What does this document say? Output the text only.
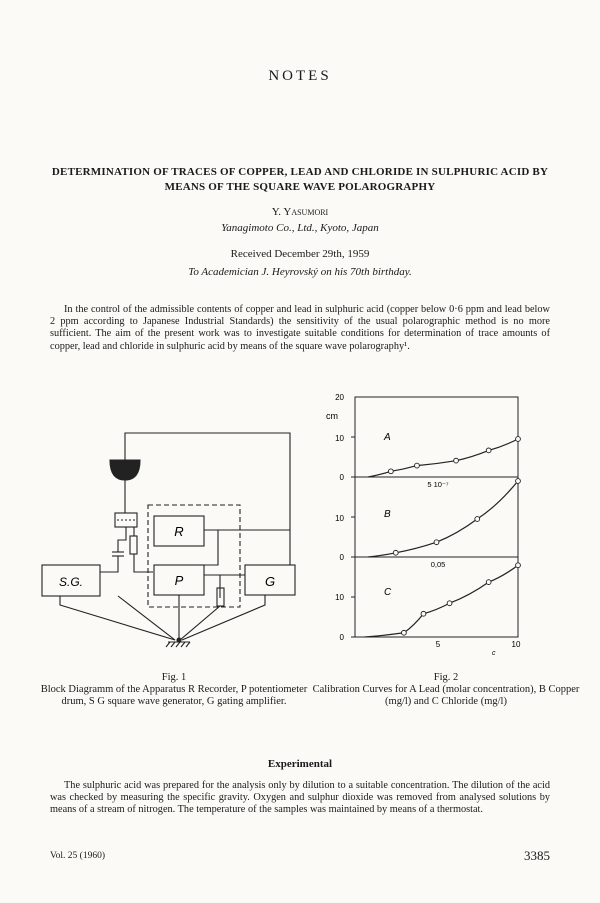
NOTES
DETERMINATION OF TRACES OF COPPER, LEAD AND CHLORIDE IN SULPHURIC ACID BY MEANS OF THE SQUARE WAVE POLAROGRAPHY
Y. Yasumori
Yanagimoto Co., Ltd., Kyoto, Japan
Received December 29th, 1959
To Academician J. Heyrovský on his 70th birthday.

In the control of the admissible contents of copper and lead in sulphuric acid (copper below 0·6 ppm and lead below 2 ppm according to Japanese Industrial Standards) the sensitivity of the usual polarographic method is no more sufficient. The aim of the present work was to investigate suitable conditions for determination of trace amounts of copper, lead and chloride in sulphuric acid by means of the square wave polarography¹.

R
P
S.G.	G
cm
20
10
0
10
0
10
0
A
B
C
5 10⁻⁷
0,05
5	10
c
Fig. 1
Block Diagramm of the Apparatus R Recorder, P potentiometer drum, S G square wave generator, G gating amplifier.
Fig. 2
Calibration Curves for A Lead (molar concentration), B Copper (mg/l) and C Chloride (mg/l)
Experimental

The sulphuric acid was prepared for the analysis only by dilution to a suitable concentration. The dilution of the acid was checked by measuring the specific gravity. Oxygen and sulphur dioxide was removed from analysed solutions by means of a stream of nitrogen. The temperature of the samples was maintained by means of a thermostat.

Vol. 25 (1960)	3385
